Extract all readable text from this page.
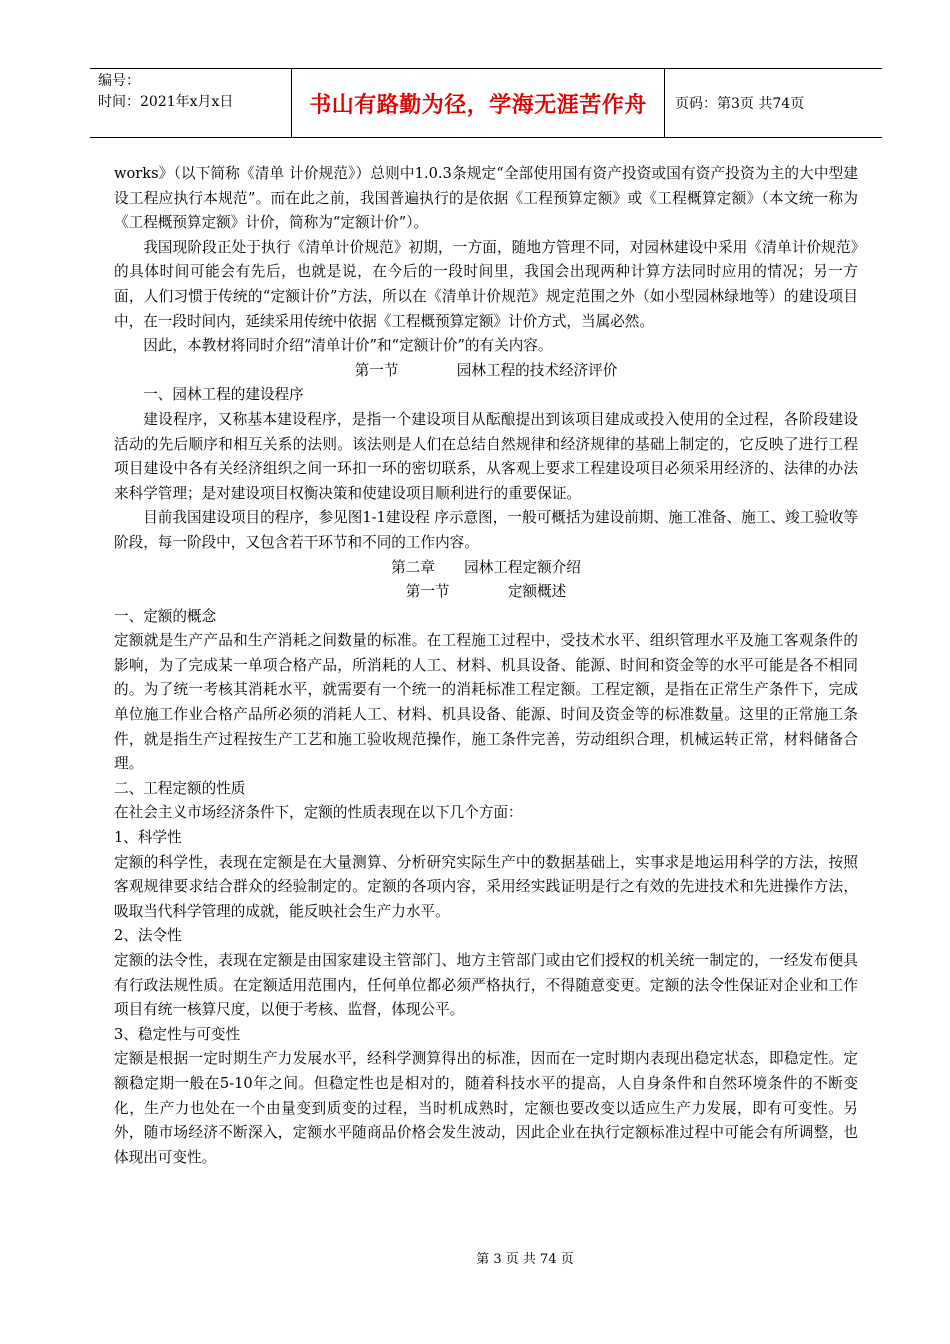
编号：
时间：2021年x月x日	书山有路勤为径，学海无涯苦作舟 页码：第3页 共74页

works》（以下简称《清单 计价规范》）总则中1.0.3条规定“全部使用国有资产投资或国有资产投资为主的大中型建设工程应执行本规范”。而在此之前，我国普遍执行的是依据《工程预算定额》或《工程概算定额》（本文统一称为《工程概预算定额》计价，简称为“定额计价”）。

我国现阶段正处于执行《清单计价规范》初期，一方面，随地方管理不同，对园林建设中采用《清单计价规范》的具体时间可能会有先后，也就是说，在今后的一段时间里，我国会出现两种计算方法同时应用的情况；另一方面，人们习惯于传统的“定额计价”方法，所以在《清单计价规范》规定范围之外（如小型园林绿地等）的建设项目中，在一段时间内，延续采用传统中依据《工程概预算定额》计价方式，当属必然。

因此，本教材将同时介绍“清单计价”和“定额计价”的有关内容。

第一节　　　　园林工程的技术经济评价

一、园林工程的建设程序

建设程序，又称基本建设程序，是指一个建设项目从酝酿提出到该项目建成或投入使用的全过程，各阶段建设活动的先后顺序和相互关系的法则。该法则是人们在总结自然规律和经济规律的基础上制定的，它反映了进行工程项目建设中各有关经济组织之间一环扣一环的密切联系，从客观上要求工程建设项目必须采用经济的、法律的办法来科学管理；是对建设项目权衡决策和使建设项目顺利进行的重要保证。

目前我国建设项目的程序，参见图1-1建设程 序示意图，一般可概括为建设前期、施工准备、施工、竣工验收等阶段，每一阶段中，又包含若干环节和不同的工作内容。

第二章　　园林工程定额介绍

第一节　　　　定额概述

一、定额的概念

定额就是生产产品和生产消耗之间数量的标准。在工程施工过程中，受技术水平、组织管理水平及施工客观条件的影响，为了完成某一单项合格产品，所消耗的人工、材料、机具设备、能源、时间和资金等的水平可能是各不相同的。为了统一考核其消耗水平，就需要有一个统一的消耗标准工程定额。工程定额，是指在正常生产条件下，完成单位施工作业合格产品所必须的消耗人工、材料、机具设备、能源、时间及资金等的标准数量。这里的正常施工条件，就是指生产过程按生产工艺和施工验收规范操作，施工条件完善，劳动组织合理，机械运转正常，材料储备合理。

二、工程定额的性质

在社会主义市场经济条件下，定额的性质表现在以下几个方面：

1、科学性

定额的科学性，表现在定额是在大量测算、分析研究实际生产中的数据基础上，实事求是地运用科学的方法，按照客观规律要求结合群众的经验制定的。定额的各项内容，采用经实践证明是行之有效的先进技术和先进操作方法，吸取当代科学管理的成就，能反映社会生产力水平。

2、法令性

定额的法令性，表现在定额是由国家建设主管部门、地方主管部门或由它们授权的机关统一制定的，一经发布便具有行政法规性质。在定额适用范围内，任何单位都必须严格执行，不得随意变更。定额的法令性保证对企业和工作项目有统一核算尺度，以便于考核、监督，体现公平。

3、稳定性与可变性

定额是根据一定时期生产力发展水平，经科学测算得出的标准，因而在一定时期内表现出稳定状态，即稳定性。定额稳定期一般在5-10年之间。但稳定性也是相对的，随着科技水平的提高，人自身条件和自然环境条件的不断变化，生产力也处在一个由量变到质变的过程，当时机成熟时，定额也要改变以适应生产力发展，即有可变性。另外，随市场经济不断深入，定额水平随商品价格会发生波动，因此企业在执行定额标准过程中可能会有所调整，也体现出可变性。

第 3 页 共 74 页
